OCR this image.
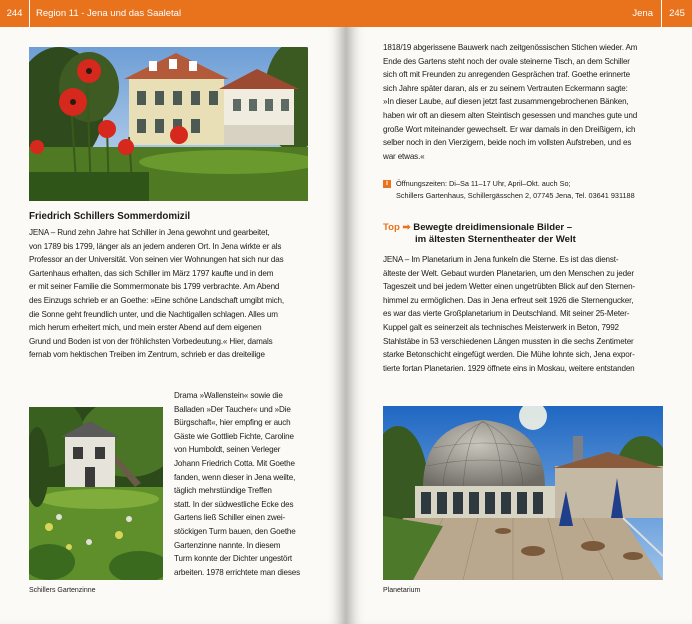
244	Region 11 - Jena und das Saaletal
Friedrich Schillers Sommerdomizil

JENA – Rund zehn Jahre hat Schiller in Jena gewohnt und gearbeitet,

von 1789 bis 1799, länger als an jedem anderen Ort. In Jena wirkte er als

Professor an der Universität. Von seinen vier Wohnungen hat sich nur das

Gartenhaus erhalten, das sich Schiller im März 1797 kaufte und in dem

er mit seiner Familie die Sommermonate bis 1799 verbrachte. Am Abend

des Einzugs schrieb er an Goethe: »Eine schöne Landschaft umgibt mich,

die Sonne geht freundlich unter, und die Nachtigallen schlagen. Alles um

mich herum erheitert mich, und mein erster Abend auf dem eigenen

Grund und Boden ist von der fröhlichsten Vorbedeutung.« Hier, damals

fernab vom hektischen Treiben im Zentrum, schrieb er das dreiteilige

Schillers Gartenzinne

Drama »Wallenstein« sowie die

Balladen »Der Taucher« und »Die

Bürgschaft«, hier empfing er auch

Gäste wie Gottlieb Fichte, Caroline

von Humboldt, seinen Verleger

Johann Friedrich Cotta. Mit Goethe

fanden, wenn dieser in Jena weilte,

täglich mehrstündige Treffen

statt. In der südwestliche Ecke des

Gartens ließ Schiller einen zwei-

stöckigen Turm bauen, den Goethe

Gartenzinne nannte. In diesem

Turm konnte der Dichter ungestört

arbeiten. 1978 errichtete man dieses

Jena	245

1818/19 abgerissene Bauwerk nach zeitgenössischen Stichen wieder. Am

Ende des Gartens steht noch der ovale steinerne Tisch, an dem Schiller

sich oft mit Freunden zu anregenden Gesprächen traf. Goethe erinnerte

sich Jahre später daran, als er zu seinem Vertrauten Eckermann sagte:

»In dieser Laube, auf diesen jetzt fast zusammengebrochenen Bänken,

haben wir oft an diesem alten Steintisch gesessen und manches gute und

große Wort miteinander gewechselt. Er war damals in den Dreißigern, ich

selber noch in den Vierzigern, beide noch im vollsten Aufstreben, und es

war etwas.«

i	Öffnungszeiten: Di–Sa 11–17 Uhr, April–Okt. auch So;

Schillers Gartenhaus, Schillergässchen 2, 07745 Jena, Tel. 03641 931188

Top ➡ Bewegte dreidimensionale Bilder –
im ältesten Sternentheater der Welt

JENA – Im Planetarium in Jena funkeln die Sterne. Es ist das dienst-

älteste der Welt. Gebaut wurden Planetarien, um den Menschen zu jeder

Tageszeit und bei jedem Wetter einen ungetrübten Blick auf den Sternen-

himmel zu ermöglichen. Das in Jena erfreut seit 1926 die Sternengucker,

es war das vierte Großplanetarium in Deutschland. Mit seiner 25-Meter-

Kuppel galt es seinerzeit als technisches Meisterwerk in Beton, 7992

Stahlstäbe in 53 verschiedenen Längen mussten in die sechs Zentimeter

starke Betonschicht eingefügt werden. Die Mühe lohnte sich, Jena expor-

tierte fortan Planetarien. 1929 öffnete eins in Moskau, weitere entstanden

Planetarium
